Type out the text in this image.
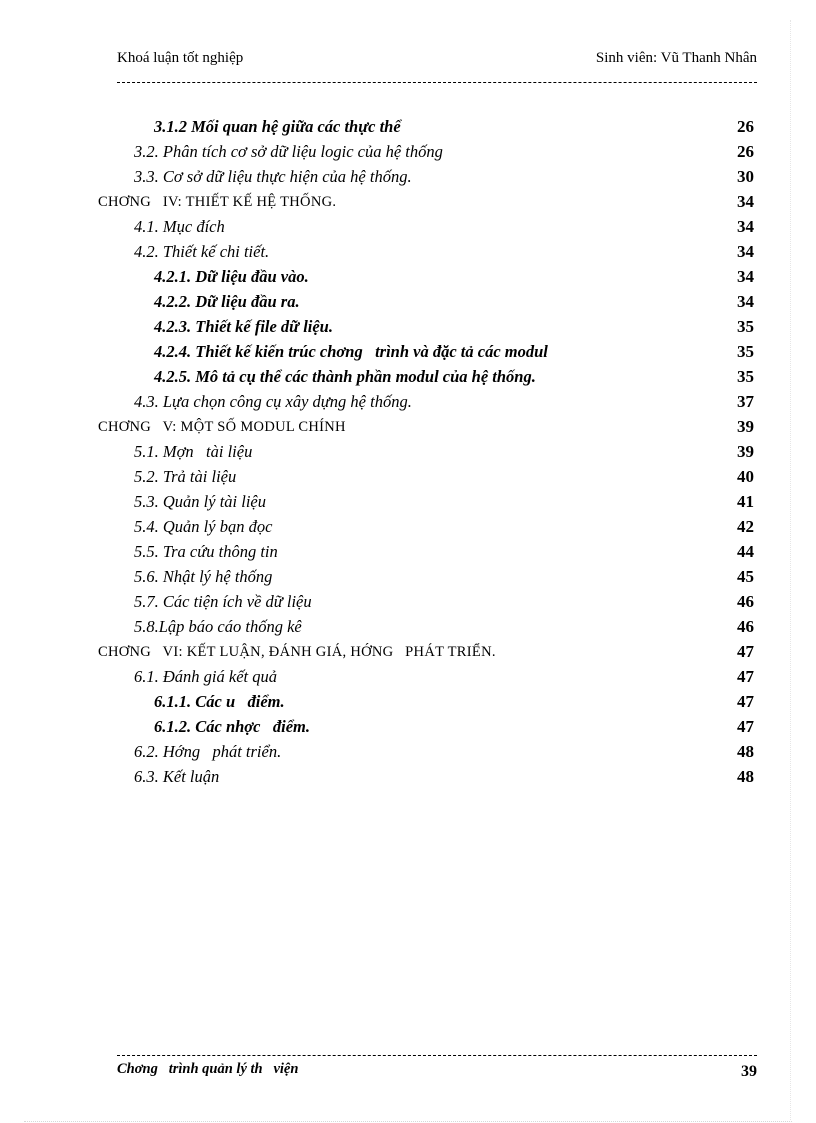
Khoá luận tốt nghiệp	Sinh viên: Vũ Thanh Nhân
3.1.2 Mối quan hệ giữa các thực thể	26
3.2. Phân tích cơ sở dữ liệu logic của hệ thống	26
3.3. Cơ sở dữ liệu thực hiện của hệ thống.	30
CHƠNG   IV: THIẾT KẾ HỆ THỐNG.	34
4.1. Mục đích	34
4.2. Thiết kế chi tiết.	34
4.2.1. Dữ liệu đầu vào.	34
4.2.2. Dữ liệu đầu ra.	34
4.2.3. Thiết kế file dữ liệu.	35
4.2.4. Thiết kế kiến trúc chơng   trình và đặc tả các modul	35
4.2.5. Mô tả cụ thể các thành phần modul của hệ thống.	35
4.3. Lựa chọn công cụ xây dựng hệ thống.	37
CHƠNG   V: MỘT SỐ MODUL CHÍNH	39
5.1. Mợn   tài liệu	39
5.2. Trả tài liệu	40
5.3. Quản lý tài liệu	41
5.4. Quản lý bạn đọc	42
5.5. Tra cứu thông tin	44
5.6. Nhật lý hệ thống	45
5.7. Các tiện ích về dữ liệu	46
5.8.Lập báo cáo thống kê	46
CHƠNG   VI: KẾT LUẬN, ĐÁNH GIÁ, HỚNG   PHÁT TRIỂN.	47
6.1. Đánh giá kết quả	47
6.1.1. Các u   điểm.	47
6.1.2. Các nhợc   điểm.	47
6.2. Hớng   phát triển.	48
6.3. Kết luận	48
Chơng   trình quản lý th   viện	39
